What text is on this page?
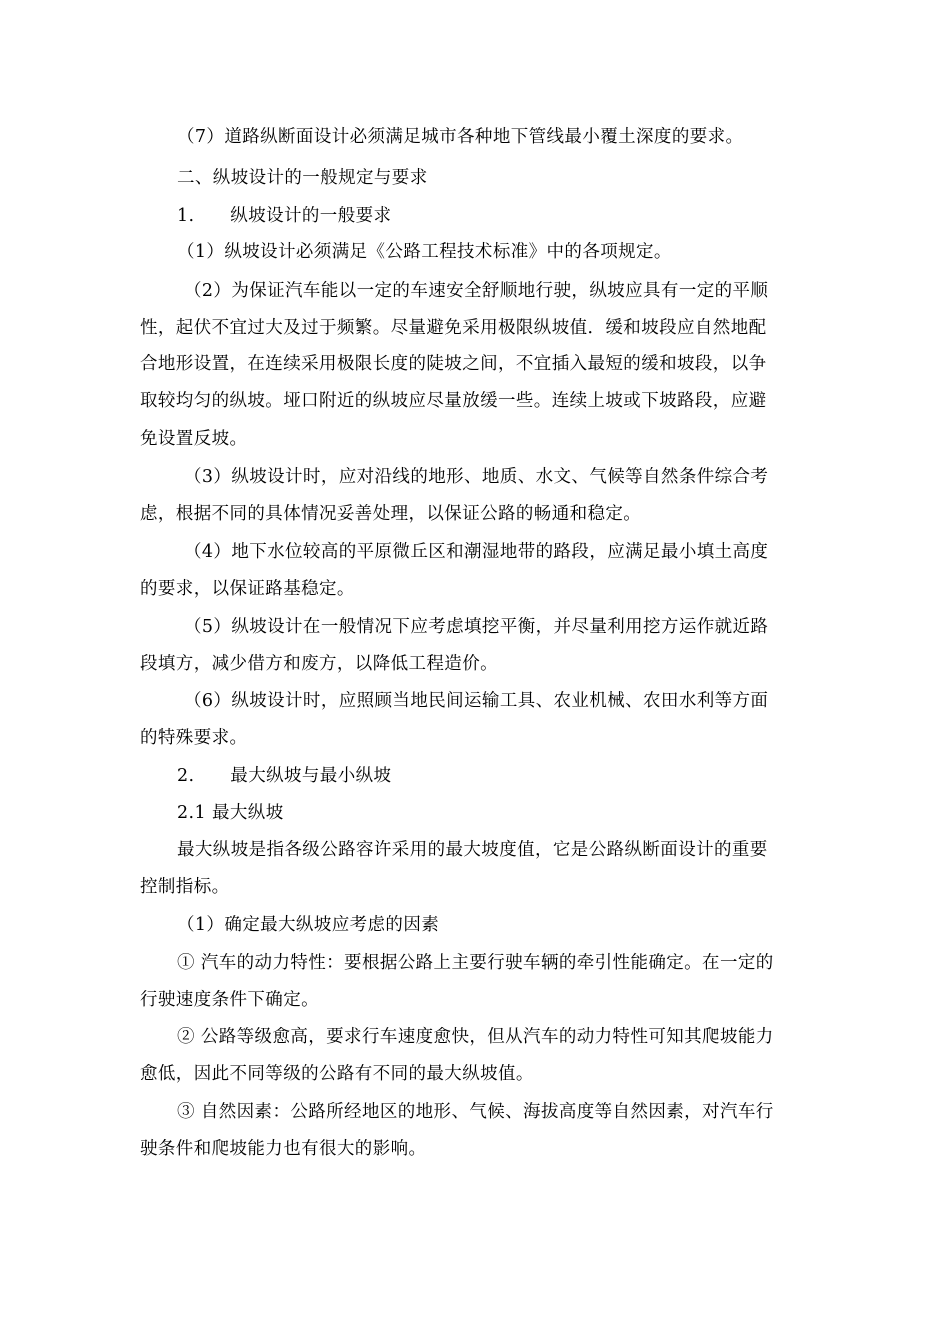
（7）道路纵断面设计必须满足城市各种地下管线最小覆土深度的要求。
二、纵坡设计的一般规定与要求
1.　　纵坡设计的一般要求
（1）纵坡设计必须满足《公路工程技术标准》中的各项规定。
（2）为保证汽车能以一定的车速安全舒顺地行驶，纵坡应具有一定的平顺
性，起伏不宜过大及过于频繁。尽量避免采用极限纵坡值．缓和坡段应自然地配
合地形设置，在连续采用极限长度的陡坡之间，不宜插入最短的缓和坡段，以争
取较均匀的纵坡。垭口附近的纵坡应尽量放缓一些。连续上坡或下坡路段，应避
免设置反坡。
（3）纵坡设计时，应对沿线的地形、地质、水文、气候等自然条件综合考
虑，根据不同的具体情况妥善处理，以保证公路的畅通和稳定。
（4）地下水位较高的平原微丘区和潮湿地带的路段，应满足最小填土高度
的要求，以保证路基稳定。
（5）纵坡设计在一般情况下应考虑填挖平衡，并尽量利用挖方运作就近路
段填方，减少借方和废方，以降低工程造价。
（6）纵坡设计时，应照顾当地民间运输工具、农业机械、农田水利等方面
的特殊要求。
2.　　最大纵坡与最小纵坡
2.1 最大纵坡
最大纵坡是指各级公路容许采用的最大坡度值，它是公路纵断面设计的重要
控制指标。
（1）确定最大纵坡应考虑的因素
① 汽车的动力特性：要根据公路上主要行驶车辆的牵引性能确定。在一定的
行驶速度条件下确定。
② 公路等级愈高，要求行车速度愈快，但从汽车的动力特性可知其爬坡能力
愈低，因此不同等级的公路有不同的最大纵坡值。
③ 自然因素：公路所经地区的地形、气候、海拔高度等自然因素，对汽车行
驶条件和爬坡能力也有很大的影响。
